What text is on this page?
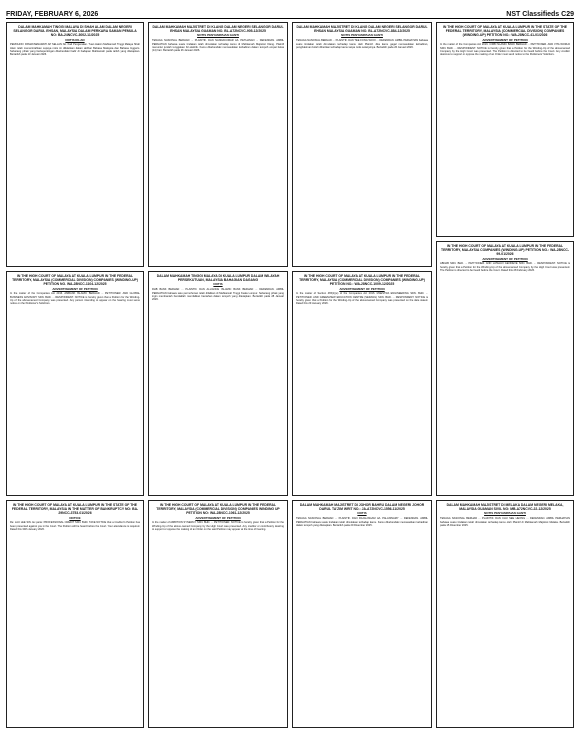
FRIDAY, FEBRUARY 6, 2026	NST Classifieds C29
DALAM MAHKAMAH TINGGI MALAYA DI SHAH ALAM DALAM NEGERI SELANGOR DARUL EHSAN, MALAYSIA DALAM PERKARA SAMAN PEMULA NO: BA-24NCVC-3002-11/2025
NOTIS IKLAN
PEMOHON: PAMAKSENAWATI AP SELLAN No. Kad Pengenalan. Tuan Hakim Mahkamah Tinggi Malaya Shah Alam telah memerintahkan supaya notis ini diiklankan dalam akhbar Bahasa Malaysia dan Bahasa Inggeris. Sebarang pihak yang berkepentingan dikehendaki hadir di hadapan Mahkamah pada tarikh yang ditetapkan. Bertarikh pada 13 Januari 2026.
DALAM MAHKAMAH MAJISTRET DI KLANG DALAM NEGERI SELANGOR DARUL EHSAN MALAYSIA GUAMAN NO. BL-A72NCVC-905-12/2025
NOTIS PENYAMPAIAN GANTI
TENAGA NASIONAL BERHAD ... PLAINTIF. DAN NANDAKUMAR A/L PETHANAN ... DEFENDAN. AMBIL PERHATIAN bahawa suatu tindakan telah dimulakan terhadap kamu di Mahkamah Majistret Klang. Plaintif menuntut jumlah tunggakan bil elektrik. Kamu dikehendaki memasukkan kehadiran dalam tempoh empat belas (14) hari. Bertarikh pada 26 Januari 2026.
DALAM MAHKAMAH MAJISTRET DI KLANG DALAM NEGERI SELANGOR DARUL EHSAN MALAYSIA GUAMAN NO. BL-A72NCVC-884-12/2025
NOTIS PENYAMPAIAN GANTI
TENAGA NASIONAL BERHAD ... PLAINTIF. DAN TEE FONG WOOI ... DEFENDAN. AMBIL PERHATIAN bahawa suatu tindakan telah dimulakan terhadap kamu oleh Plaintif. Jika kamu gagal memasukkan kehadiran, penghakiman boleh diberikan terhadap kamu tanpa notis selanjutnya. Bertarikh pada 26 Januari 2026.
IN THE HIGH COURT OF MALAYA AT KUALA LUMPUR IN THE STATE OF THE FEDERAL TERRITORY, MALAYSIA (COMMERCIAL DIVISION) COMPANIES (WINDING-UP) PETITION NO.: WA-28NCC-41-01/2026
ADVERTISEMENT OF PETITION
In the matter of the Companies Act 2016. CIMB ISLAMIC BANK BERHAD ... PETITIONER. AND VITA WORLD SDN. BHD. ... RESPONDENT. NOTICE is hereby given that a Petition for the Winding-Up of the abovenamed Company by the High Court was presented. The Petition is directed to be heard before the Court. Any creditor desirous to support or oppose the making of an Order must send notice to the Petitioners' Solicitors.
IN THE HIGH COURT OF MALAYA AT KUALA LUMPUR IN THE FEDERAL TERRITORY, MALAYSIA (COMMERCIAL DIVISION) COMPANIES (WINDING-UP) PETITION NO. WA-28NCC-1104-12/2025
ADVERTISEMENT OF PETITION
In the matter of the Companies Act 2016. AMBANK ISLAMIC BERHAD ... PETITIONER. AND GLOBAL BUSINESS ADVISORY SDN. BHD. ... RESPONDENT. NOTICE is hereby given that a Petition for the Winding-Up of the abovenamed Company was presented. Any person intending to appear on the hearing must serve notice on the Petitioner's Solicitors.
DALAM MAHKAMAH TINGGI MALAYA DI KUALA LUMPUR DALAM WILAYAH PERSEKUTUAN, MALAYSIA BAHAGIAN DAGANG
NOTIS
RHB BANK BERHAD ... PLAINTIF. DAN ALLIANCE ISLAMIC BANK BERHAD ... DEFENDAN. AMBIL PERHATIAN bahawa satu permohonan telah difailkan di Mahkamah Tinggi Kuala Lumpur. Sebarang pihak yang ingin membantah hendaklah memfailkan bantahan dalam tempoh yang ditetapkan. Bertarikh pada 28 Januari 2026.
IN THE HIGH COURT OF MALAYA AT KUALA LUMPUR IN THE FEDERAL TERRITORY, MALAYSIA (COMMERCIAL DIVISION) COMPANIES (WINDING-UP) PETITION NO.: WA-28NCC-1009-12/2025
ADVERTISEMENT OF PETITION
In the matter of Section 465(1)(e) of the Companies Act 2016. MAESTRA ENGINEERING SDN. BHD. ... PETITIONER. AND GREENVIEW EDUCATION CENTRE (SERANG) SDN. BHD. ... RESPONDENT. NOTICE is hereby given that a Petition for the Winding-Up of the abovenamed Company was presented on the date stated. Dated this 29 January 2026.
IN THE HIGH COURT OF MALAYA AT KUALA LUMPUR IN THE FEDERAL TERRITORY, MALAYSIA COMPANIES (WINDING-UP) PETITION NO.: WA-28NCC-99-01/2026
ADVERTISEMENT OF PETITION
ABNAB SDN. BHD. ... PETITIONER. AND LATEHUI GEODEVE SDN. BHD. ... RESPONDENT. NOTICE is hereby given that a Petition for the Winding-Up of the abovenamed Company by the High Court was presented. The Petition is directed to be heard before the Court. Dated this 28 February 2026.
IN THE HIGH COURT OF MALAYA AT KUALA LUMPUR IN THE STATE OF THE FEDERAL TERRITORY, MALAYSIA IN THE MATTER OF BANKRUPTCY NO: BA-29NCC-3753-01/2026
NOTICE
Re: LAU LEE SIN. Ex parte: PROFESSIONAL CREDIT SDN. BHD. TAKE NOTICE that a Creditor's Petition has been presented against you in the Court. The Petition will be heard before the Court. Your attendance is required. Dated this 30th January 2026.
IN THE HIGH COURT OF MALAYA AT KUALA LUMPUR IN THE FEDERAL TERRITORY, MALAYSIA (COMMERCIAL DIVISION) COMPANIES WINDING UP PETITION NO: WA-28NCC-1061-12/2025
ADVERTISEMENT OF PETITION
In the matter of AMBITION SYNERGY SDN. BHD. ... PETITIONER. NOTICE is hereby given that a Petition for the Winding-Up of the above-named Company by the High Court was presented. Any creditor or contributory desiring to support or oppose the making of an Order on the said Petition may appear at the time of hearing.
DALAM MAHKAMAH MAJISTRET DI JOHOR BAHRU DALAM NEGERI JOHOR DARUL TA'ZIM WRIT NO.: JA-A72NCVC-1556-11/2025
NOTIS
TENAGA NASIONAL BERHAD ... PLAINTIF. DAN RAJALINGAM A/L PALANISAMY ... DEFENDAN. AMBIL PERHATIAN bahawa suatu tindakan telah dimulakan terhadap kamu. Kamu dikehendaki memasukkan kehadiran dalam tempoh yang ditetapkan. Bertarikh pada 29 Disember 2025.
DALAM MAHKAMAH MAJISTRET DI MELAKA DALAM NEGERI MELAKA, MALAYSIA GUAMAN SIVIL NO: MB-A72NCVC-22-12/2025
NOTIS PENYAMPAIAN GANTI
TENAGA NASIONAL BERHAD ... PLAINTIF. DAN CHU SEE HEONG ... DEFENDAN. AMBIL PERHATIAN bahawa suatu tindakan telah dimulakan terhadap kamu oleh Plaintif di Mahkamah Majistret Melaka. Bertarikh pada 15 Disember 2025.
